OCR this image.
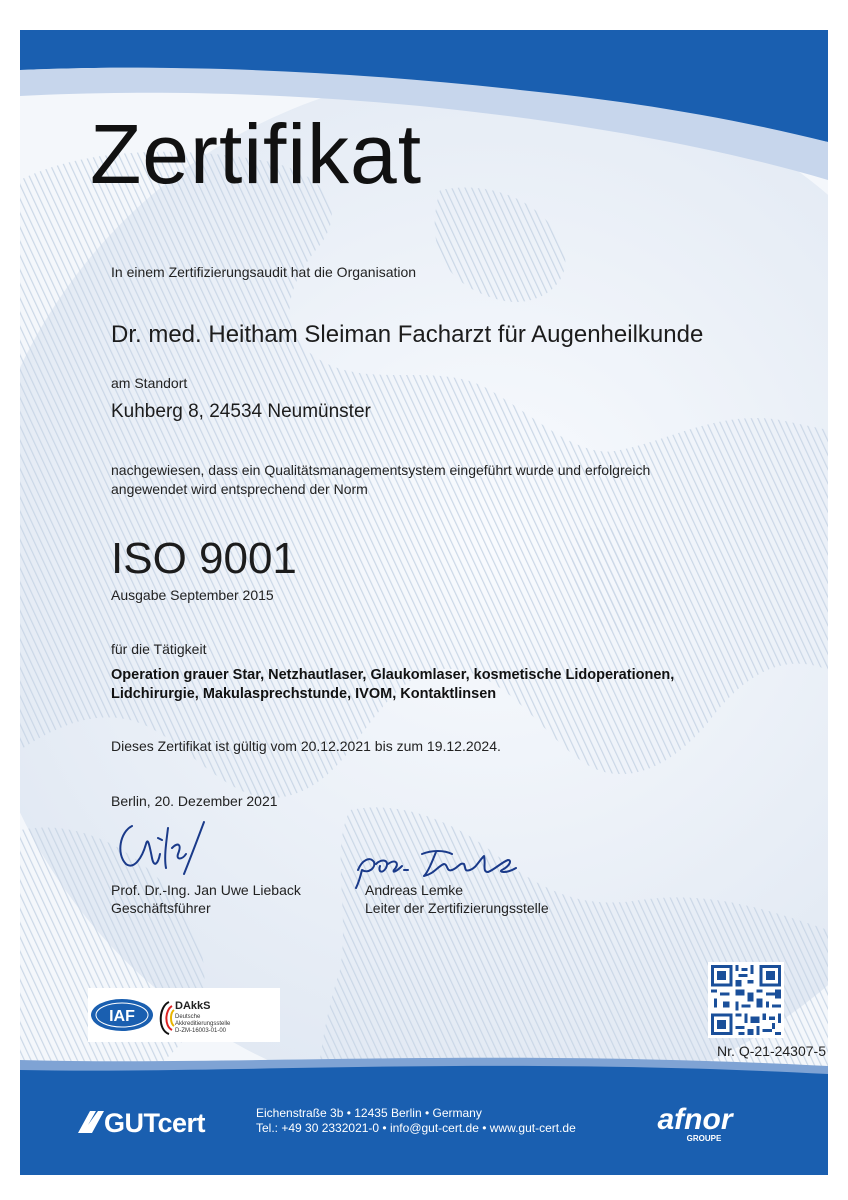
Zertifikat
In einem Zertifizierungsaudit hat die Organisation
Dr. med. Heitham Sleiman Facharzt für Augenheilkunde
am Standort
Kuhberg 8, 24534 Neumünster
nachgewiesen, dass ein Qualitätsmanagementsystem eingeführt wurde und erfolgreich
angewendet wird entsprechend der Norm
ISO 9001
Ausgabe September 2015
für die Tätigkeit
Operation grauer Star, Netzhautlaser, Glaukomlaser, kosmetische Lidoperationen,
Lidchirurgie, Makulasprechstunde, IVOM, Kontaktlinsen
Dieses Zertifikat ist gültig vom 20.12.2021 bis zum 19.12.2024.
Berlin, 20. Dezember 2021
Prof. Dr.-Ing. Jan Uwe Lieback
Geschäftsführer
Andreas Lemke
Leiter der Zertifizierungsstelle
IAF
DAkkS
Deutsche
Akkreditierungsstelle
D-ZM-16003-01-00
Nr. Q-21-24307-5
GUTcert	Eichenstraße 3b • 12435 Berlin • Germany
Tel.: +49 30 2332021-0 • info@gut-cert.de • www.gut-cert.de	afnor
GROUPE
